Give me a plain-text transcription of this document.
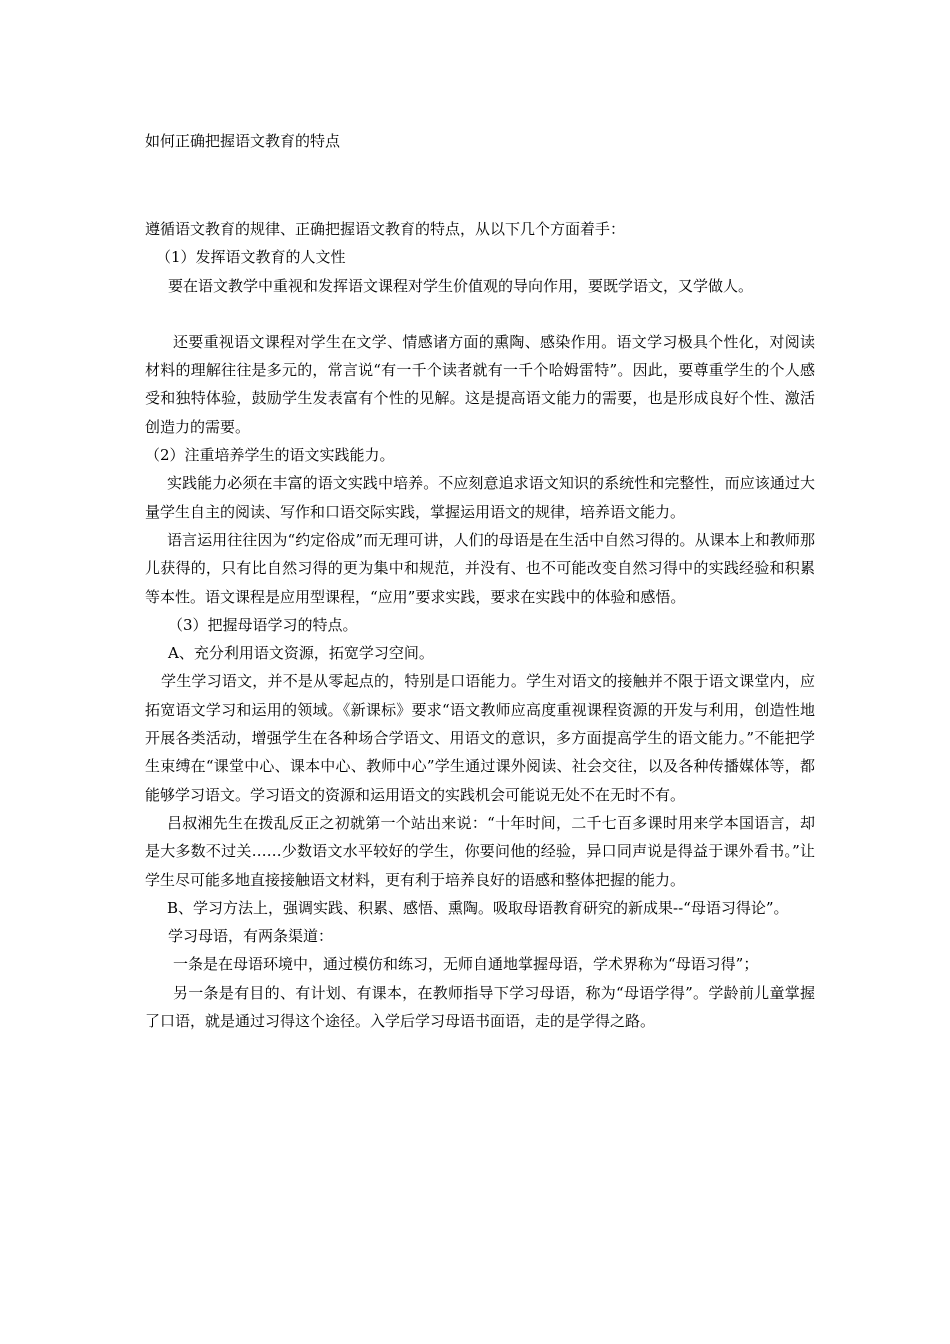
如何正确把握语文教育的特点

遵循语文教育的规律、正确把握语文教育的特点，从以下几个方面着手：

（1）发挥语文教育的人文性

要在语文教学中重视和发挥语文课程对学生价值观的导向作用，要既学语文，又学做人。

还要重视语文课程对学生在文学、情感诸方面的熏陶、感染作用。语文学习极具个性化，对阅读材料的理解往往是多元的，常言说“有一千个读者就有一千个哈姆雷特”。因此，要尊重学生的个人感受和独特体验，鼓励学生发表富有个性的见解。这是提高语文能力的需要，也是形成良好个性、激活创造力的需要。

（2）注重培养学生的语文实践能力。

实践能力必须在丰富的语文实践中培养。不应刻意追求语文知识的系统性和完整性，而应该通过大量学生自主的阅读、写作和口语交际实践，掌握运用语文的规律，培养语文能力。

语言运用往往因为“约定俗成”而无理可讲，人们的母语是在生活中自然习得的。从课本上和教师那儿获得的，只有比自然习得的更为集中和规范，并没有、也不可能改变自然习得中的实践经验和积累等本性。语文课程是应用型课程，“应用”要求实践，要求在实践中的体验和感悟。

（3）把握母语学习的特点。

A、充分利用语文资源，拓宽学习空间。

学生学习语文，并不是从零起点的，特别是口语能力。学生对语文的接触并不限于语文课堂内，应拓宽语文学习和运用的领域。《新课标》要求“语文教师应高度重视课程资源的开发与利用，创造性地开展各类活动，增强学生在各种场合学语文、用语文的意识，多方面提高学生的语文能力。”不能把学生束缚在“课堂中心、课本中心、教师中心”学生通过课外阅读、社会交往，以及各种传播媒体等，都能够学习语文。学习语文的资源和运用语文的实践机会可能说无处不在无时不有。

吕叔湘先生在拨乱反正之初就第一个站出来说：“十年时间，二千七百多课时用来学本国语言，却是大多数不过关……少数语文水平较好的学生，你要问他的经验，异口同声说是得益于课外看书。”让学生尽可能多地直接接触语文材料，更有利于培养良好的语感和整体把握的能力。

B、学习方法上，强调实践、积累、感悟、熏陶。吸取母语教育研究的新成果--“母语习得论”。

学习母语，有两条渠道：

一条是在母语环境中，通过模仿和练习，无师自通地掌握母语，学术界称为“母语习得”；

另一条是有目的、有计划、有课本，在教师指导下学习母语，称为“母语学得”。学龄前儿童掌握了口语，就是通过习得这个途径。入学后学习母语书面语，走的是学得之路。
